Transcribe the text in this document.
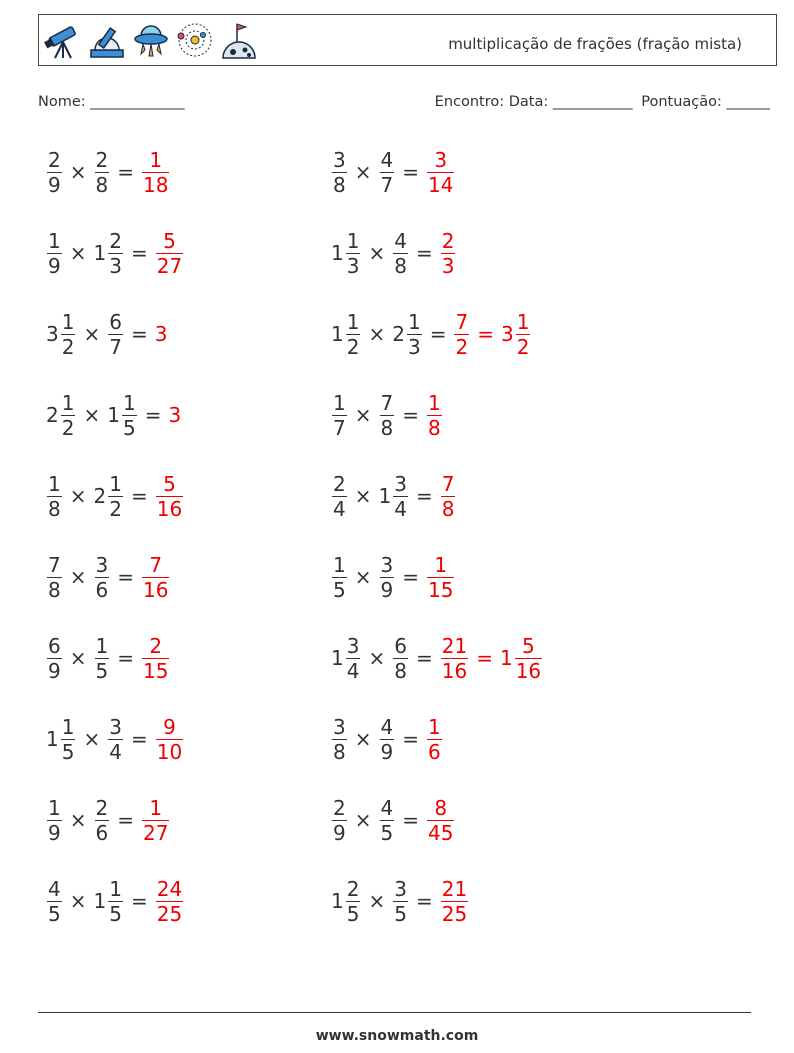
multiplicação de frações (fração mista)
Nome: _____________	Encontro: Data: ___________ Pontuação: ______
$\frac{2}{9} \times \frac{2}{8} = \frac{1}{18}$	$\frac{3}{8} \times \frac{4}{7} = \frac{3}{14}$
$\frac{1}{9} \times 1 \frac{2}{3} = \frac{5}{27}$	$1 \frac{1}{3} \times \frac{4}{8} = \frac{2}{3}$
$3 \frac{1}{2} \times \frac{6}{7} = 3$	$1 \frac{1}{2} \times 2 \frac{1}{3} = \frac{7}{2} = 3 \frac{1}{2}$
$2 \frac{1}{2} \times 1 \frac{1}{5} = 3$	$\frac{1}{7} \times \frac{7}{8} = \frac{1}{8}$
$\frac{1}{8} \times 2 \frac{1}{2} = \frac{5}{16}$	$\frac{2}{4} \times 1 \frac{3}{4} = \frac{7}{8}$
$\frac{7}{8} \times \frac{3}{6} = \frac{7}{16}$	$\frac{1}{5} \times \frac{3}{9} = \frac{1}{15}$
$\frac{6}{9} \times \frac{1}{5} = \frac{2}{15}$	$1 \frac{3}{4} \times \frac{6}{8} = \frac{21}{16} = 1 \frac{5}{16}$
$1 \frac{1}{5} \times \frac{3}{4} = \frac{9}{10}$	$\frac{3}{8} \times \frac{4}{9} = \frac{1}{6}$
$\frac{1}{9} \times \frac{2}{6} = \frac{1}{27}$	$\frac{2}{9} \times \frac{4}{5} = \frac{8}{45}$
$\frac{4}{5} \times 1 \frac{1}{5} = \frac{24}{25}$	$1 \frac{2}{5} \times \frac{3}{5} = \frac{21}{25}$
www.snowmath.com
